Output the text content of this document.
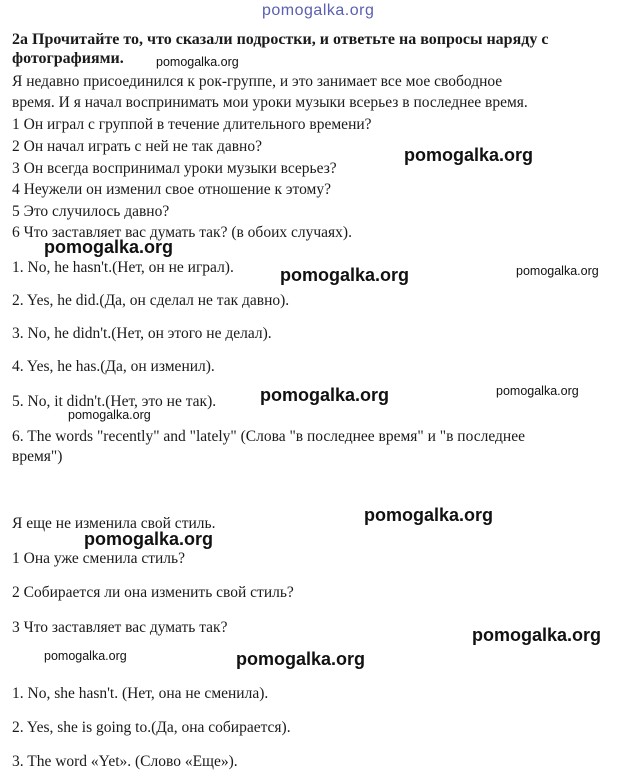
pomogalka.org
2a Прочитайте то, что сказали подростки, и ответьте на вопросы наряду с фотографиями.
Я недавно присоединился к рок-группе, и это занимает все мое свободное
время. И я начал воспринимать мои уроки музыки всерьез в последнее время.
1 Он играл с группой в течение длительного времени?
2 Он начал играть с ней не так давно?
3 Он всегда воспринимал уроки музыки всерьез?
4 Неужели он изменил свое отношение к этому?
5 Это случилось давно?
6 Что заставляет вас думать так? (в обоих случаях).
1. No, he hasn't.(Нет, он не играл).
2. Yes, he did.(Да, он сделал не так давно).
3. No, he didn't.(Нет, он этого не делал).
4. Yes, he has.(Да, он изменил).
5. No, it didn't.(Нет, это не так).
6. The words "recently" and "lately" (Слова "в последнее время" и "в последнее
время")
Я еще не изменила свой стиль.
1 Она уже сменила стиль?
2 Собирается ли она изменить свой стиль?
3 Что заставляет вас думать так?
1. No, she hasn't. (Нет, она не сменила).
2. Yes, she is going to.(Да, она собирается).
3. The word «Yet». (Слово «Еще»).
pomogalka.org
pomogalka.org
pomogalka.org
pomogalka.org	pomogalka.org
pomogalka.org	pomogalka.org
pomogalka.org
pomogalka.org
pomogalka.org
pomogalka.org
pomogalka.org	pomogalka.org
